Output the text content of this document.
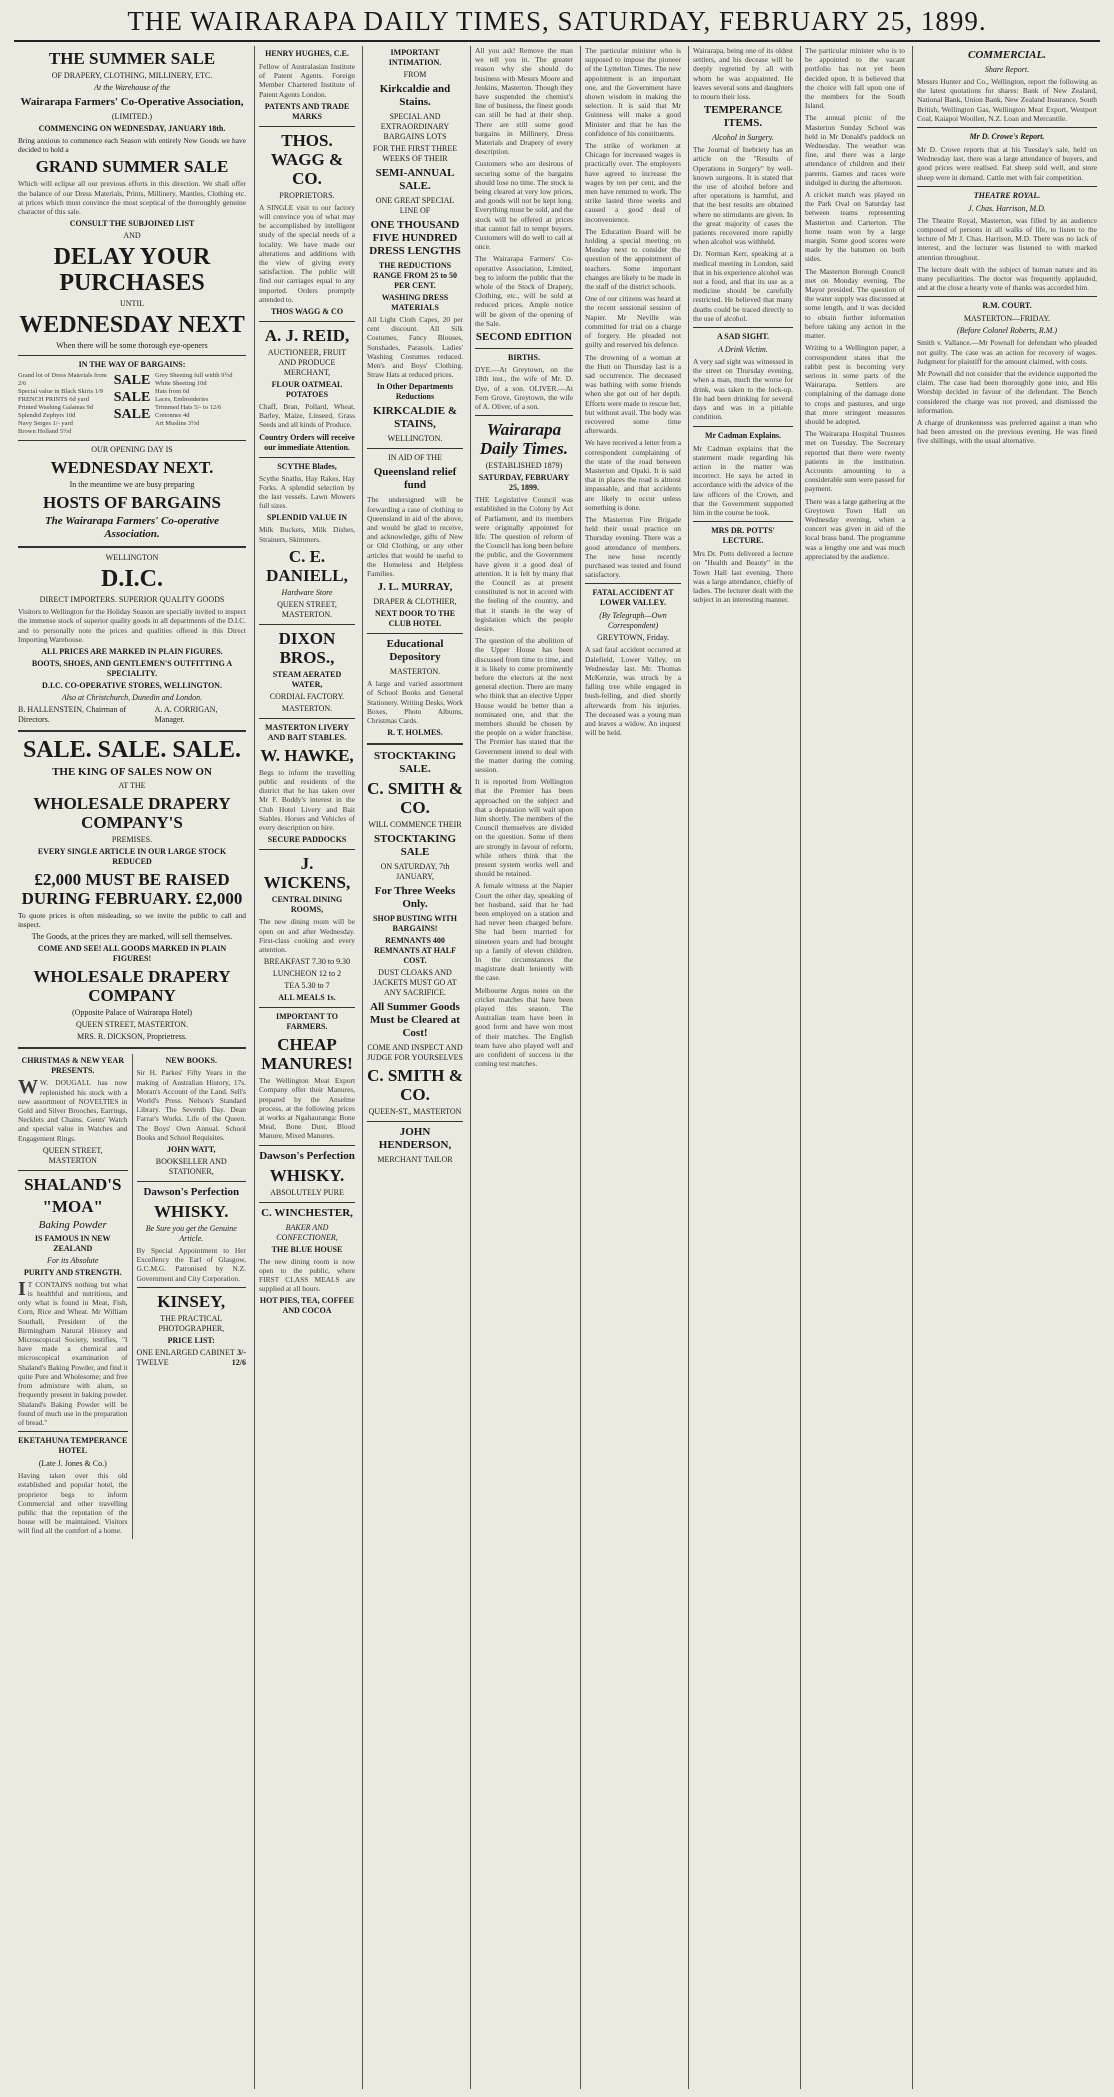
THE WAIRARAPA DAILY TIMES, SATURDAY, FEBRUARY 25, 1899.
THE SUMMER SALE
OF DRAPERY, CLOTHING, MILLINERY, ETC.
At the Warehouse of the
Wairarapa Farmers' Co-Operative Association,
(LIMITED.)
COMMENCING ON WEDNESDAY, JANUARY 18th.

Bring anxious to commence each Season with entirely New Goods we have decided to hold a

GRAND SUMMER SALE

Which will eclipse all our previous efforts in this direction. We shall offer the balance of our Dress Materials, Prints, Millinery, Mantles, Clothing etc. at prices which must convince the most sceptical of the thoroughly genuine character of this sale.

CONSULT THE SUBJOINED LIST
AND
DELAY YOUR PURCHASES
UNTIL
WEDNESDAY NEXT
When there will be some thorough eye-openers
IN THE WAY OF BARGAINS:
Grand lot of Dress Materials from 2/6
Special value in Black Skirts 1/9
FRENCH PRINTS 6d yard
Printed Washing Galateas 9d
Splendid Zephyrs 10d
Navy Serges 1/- yard
Brown Holland 5½d
SALE
SALE
SALE
Grey Sheeting full width 9½d
White Sheeting 10d
Hats from 6d
Laces, Embroideries
Trimmed Hats 5/- to 12/6
Cretonnes 4d
Art Muslins 3½d
OUR OPENING DAY IS
WEDNESDAY NEXT.
In the meantime we are busy preparing
HOSTS OF BARGAINS
The Wairarapa Farmers' Co-operative Association.
WELLINGTON
D.I.C.
DIRECT IMPORTERS. SUPERIOR QUALITY GOODS

Visitors to Wellington for the Holiday Season are specially invited to inspect the immense stock of superior quality goods in all departments of the D.I.C. and to personally note the prices and qualities offered in this Direct Importing Warehouse.

ALL PRICES ARE MARKED IN PLAIN FIGURES.
BOOTS, SHOES, AND GENTLEMEN'S OUTFITTING A SPECIALITY.
D.I.C. CO-OPERATIVE STORES, WELLINGTON.
Also at Christchurch, Dunedin and London.
B. HALLENSTEIN, Chairman of Directors.
A. A. CORRIGAN, Manager.
SALE. SALE. SALE.
THE KING OF SALES NOW ON
AT THE
WHOLESALE DRAPERY COMPANY'S
PREMISES.
EVERY SINGLE ARTICLE IN OUR LARGE STOCK REDUCED
£2,000 MUST BE RAISED DURING FEBRUARY. £2,000

To quote prices is often misleading, so we invite the public to call and inspect.

The Goods, at the prices they are marked, will sell themselves.
COME AND SEE! ALL GOODS MARKED IN PLAIN FIGURES!
WHOLESALE DRAPERY COMPANY
(Opposite Palace of Wairarapa Hotel)
QUEEN STREET, MASTERTON.
MRS. R. DICKSON, Proprietress.
CHRISTMAS & NEW YEAR PRESENTS.

W W. DOUGALL has now replenished his stock with a new assortment of NOVELTIES in Gold and Silver Brooches, Earrings, Necklets and Chains. Gents' Watch and special value in Watches and Engagement Rings.

QUEEN STREET, MASTERTON
SHALAND'S
"MOA"
Baking Powder
IS FAMOUS IN NEW ZEALAND
For its Absolute
PURITY AND STRENGTH.

I T CONTAINS nothing but what is healthful and nutritious, and only what is found in Meat, Fish, Corn, Rice and Wheat. Mr William Southall, President of the Birmingham Natural History and Microscopical Society, testifies, "I have made a chemical and microscopical examination of Shaland's Baking Powder, and find it quite Pure and Wholesome; and free from admixture with alum, so frequently present in baking powder. Shaland's Baking Powder will be found of much use in the preparation of bread."

EKETAHUNA TEMPERANCE HOTEL
(Late J. Jones & Co.)

Having taken over this old established and popular hotel, the proprietor begs to inform Commercial and other travelling public that the reputation of the house will be maintained. Visitors will find all the comfort of a home.

NEW BOOKS.

Sir H. Parkes' Fifty Years in the making of Australian History, 17s. Moran's Account of the Land. Sell's World's Press. Nelson's Standard Library. The Seventh Day. Dean Farrar's Works. Life of the Queen. The Boys' Own Annual. School Books and School Requisites.

JOHN WATT,
BOOKSELLER AND STATIONER,
Dawson's Perfection
WHISKY.
Be Sure you get the Genuine Article.

By Special Appointment to Her Excellency the Earl of Glasgow, G.C.M.G. Patronised by N.Z. Government and City Corporation.

KINSEY,
THE PRACTICAL PHOTOGRAPHER,
PRICE LIST:
ONE ENLARGED CABINET 3/-
TWELVE	12/6
HENRY HUGHES, C.E.

Fellow of Australasian Institute of Patent Agents. Foreign Member Chartered Institute of Patent Agents London.

PATENTS AND TRADE MARKS
THOS. WAGG & CO.
PROPRIETORS.

A SINGLE visit to our factory will convince you of what may be accomplished by intelligent study of the special needs of a locality. We have made our alterations and additions with the view of giving every satisfaction. The public will find our carriages equal to any imported. Orders promptly attended to.

THOS WAGG & CO
A. J. REID,
AUCTIONEER, FRUIT AND PRODUCE MERCHANT,
FLOUR OATMEAL POTATOES

Chaff, Bran, Pollard, Wheat, Barley, Maize, Linseed, Grass Seeds and all kinds of Produce.

Country Orders will receive our immediate Attention.
SCYTHE Blades,

Scythe Snaths, Hay Rakes, Hay Forks. A splendid selection by the last vessels. Lawn Mowers full sizes.

SPLENDID VALUE IN

Milk Buckets, Milk Dishes, Strainers, Skimmers.

C. E. DANIELL,
Hardware Store
QUEEN STREET, MASTERTON.
DIXON BROS.,
STEAM AERATED WATER,
CORDIAL FACTORY.
MASTERTON.
MASTERTON LIVERY AND BAIT STABLES.
W. HAWKE,

Begs to inform the travelling public and residents of the district that he has taken over Mr F. Boddy's interest in the Club Hotel Livery and Bait Stables. Horses and Vehicles of every description on hire.

SECURE PADDOCKS
J. WICKENS,
CENTRAL DINING ROOMS,

The new dining room will be open on and after Wednesday. First-class cooking and every attention.

BREAKFAST 7.30 to 9.30
LUNCHEON 12 to 2
TEA 5.30 to 7
ALL MEALS 1s.
IMPORTANT TO FARMERS.
CHEAP MANURES!

The Wellington Meat Export Company offer their Manures, prepared by the Anselme process, at the following prices at works at Ngahauranga: Bone Meal, Bone Dust, Blood Manure, Mixed Manures.

Dawson's Perfection
WHISKY.
ABSOLUTELY PURE
C. WINCHESTER,
BAKER AND CONFECTIONER,
THE BLUE HOUSE

The new dining room is now open to the public, where FIRST CLASS MEALS are supplied at all hours.

HOT PIES, TEA, COFFEE AND COCOA
IMPORTANT INTIMATION.
FROM
Kirkcaldie and Stains.
SPECIAL AND EXTRAORDINARY BARGAINS LOTS
FOR THE FIRST THREE WEEKS OF THEIR
SEMI-ANNUAL SALE.
ONE GREAT SPECIAL LINE OF
ONE THOUSAND FIVE HUNDRED DRESS LENGTHS
THE REDUCTIONS RANGE FROM 25 to 50 PER CENT.
WASHING DRESS MATERIALS

All Light Cloth Capes, 20 per cent discount. All Silk Costumes, Fancy Blouses, Sunshades, Parasols. Ladies' Washing Costumes reduced. Men's and Boys' Clothing. Straw Hats at reduced prices.

In Other Departments Reductions
KIRKCALDIE & STAINS,
WELLINGTON.
IN AID OF THE
Queensland relief fund

The undersigned will be forwarding a case of clothing to Queensland in aid of the above, and would be glad to receive, and acknowledge, gifts of New or Old Clothing, or any other articles that would be useful to the Homeless and Helpless Families.

J. L. MURRAY,
DRAPER & CLOTHIER,
NEXT DOOR TO THE CLUB HOTEL
Educational Depository
MASTERTON.

A large and varied assortment of School Books and General Stationery. Writing Desks, Work Boxes, Photo Albums, Christmas Cards.

R. T. HOLMES.
STOCKTAKING SALE.
C. SMITH & CO.
WILL COMMENCE THEIR
STOCKTAKING SALE
ON SATURDAY, 7th JANUARY,
For Three Weeks Only.
SHOP BUSTING WITH BARGAINS!
REMNANTS 400 REMNANTS AT HALF COST.
DUST CLOAKS AND JACKETS MUST GO AT ANY SACRIFICE.
All Summer Goods Must be Cleared at Cost!
COME AND INSPECT AND JUDGE FOR YOURSELVES
C. SMITH & CO.
QUEEN-ST., MASTERTON
JOHN HENDERSON,
MERCHANT TAILOR

All you ask! Remove the man we tell you in. The greater reason why she should do business with Messrs Moore and Jenkins, Masterton. Though they have suspended the chemist's line of business, the finest goods can still be had at their shop. There are still some good bargains in Millinery, Dress Materials and Drapery of every description.

Customers who are desirous of securing some of the bargains should lose no time. The stock is being cleared at very low prices, and goods will not be kept long. Everything must be sold, and the stock will be offered at prices that cannot fail to tempt buyers. Customers will do well to call at once.

The Wairarapa Farmers' Co-operative Association, Limited, beg to inform the public that the whole of the Stock of Drapery, Clothing, etc., will be sold at reduced prices. Ample notice will be given of the opening of the Sale.

SECOND EDITION
BIRTHS.

DYE.—At Greytown, on the 18th inst., the wife of Mr. D. Dye, of a son. OLIVER.—At Fern Grove, Greytown, the wife of A. Oliver, of a son.

Wairarapa Daily Times.
(ESTABLISHED 1879)
SATURDAY, FEBRUARY 25, 1899.

THE Legislative Council was established in the Colony by Act of Parliament, and its members were originally appointed for life. The question of reform of the Council has long been before the public, and the Government have given it a good deal of attention. It is felt by many that the Council as at present constituted is not in accord with the feeling of the country, and that it stands in the way of legislation which the people desire.

The question of the abolition of the Upper House has been discussed from time to time, and it is likely to come prominently before the electors at the next general election. There are many who think that an elective Upper House would be better than a nominated one, and that the members should be chosen by the people on a wider franchise. The Premier has stated that the Government intend to deal with the matter during the coming session.

It is reported from Wellington that the Premier has been approached on the subject and that a deputation will wait upon him shortly. The members of the Council themselves are divided on the question. Some of them are strongly in favour of reform, while others think that the present system works well and should be retained.

A female witness at the Napier Court the other day, speaking of her husband, said that he had been employed on a station and had never been charged before. She had been married for nineteen years and had brought up a family of eleven children. In the circumstances the magistrate dealt leniently with the case.

Melbourne Argus notes on the cricket matches that have been played this season. The Australian team have been in good form and have won most of their matches. The English team have also played well and are confident of success in the coming test matches.

The particular minister who is supposed to impose the pioneer of the Lyttelton Times. The new appointment is an important one, and the Government have shown wisdom in making the selection. It is said that Mr Guinness will make a good Minister and that he has the confidence of his constituents.

The strike of workmen at Chicago for increased wages is practically over. The employers have agreed to increase the wages by ten per cent, and the men have returned to work. The strike lasted three weeks and caused a good deal of inconvenience.

The Education Board will be holding a special meeting on Monday next to consider the question of the appointment of teachers. Some important changes are likely to be made in the staff of the district schools.

One of our citizens was heard at the recent sessional session of Napier. Mr Neville was committed for trial on a charge of forgery. He pleaded not guilty and reserved his defence.

The drowning of a woman at the Hutt on Thursday last is a sad occurrence. The deceased was bathing with some friends when she got out of her depth. Efforts were made to rescue her, but without avail. The body was recovered some time afterwards.

We have received a letter from a correspondent complaining of the state of the road between Masterton and Opaki. It is said that in places the road is almost impassable, and that accidents are likely to occur unless something is done.

The Masterton Fire Brigade held their usual practice on Thursday evening. There was a good attendance of members. The new hose recently purchased was tested and found satisfactory.

FATAL ACCIDENT AT LOWER VALLEY.
(By Telegraph—Own Correspondent)
GREYTOWN, Friday.

A sad fatal accident occurred at Dalefield, Lower Valley, on Wednesday last. Mr. Thomas McKenzie, was struck by a falling tree while engaged in bush-felling, and died shortly afterwards from his injuries. The deceased was a young man and leaves a widow. An inquest will be held.

Wairarapa, being one of its oldest settlers, and his decease will be deeply regretted by all with whom he was acquainted. He leaves several sons and daughters to mourn their loss.

TEMPERANCE ITEMS.
Alcohol in Surgery.

The Journal of Inebriety has an article on the "Results of Operations in Surgery" by well-known surgeons. It is stated that the use of alcohol before and after operations is harmful, and that the best results are obtained where no stimulants are given. In the great majority of cases the patients recovered more rapidly when alcohol was withheld.

Dr. Norman Kerr, speaking at a medical meeting in London, said that in his experience alcohol was not a food, and that its use as a medicine should be carefully restricted. He believed that many deaths could be traced directly to the use of alcohol.

A SAD SIGHT.
A Drink Victim.

A very sad sight was witnessed in the street on Thursday evening, when a man, much the worse for drink, was taken to the lock-up. He had been drinking for several days and was in a pitiable condition.

Mr Cadman Explains.

Mr Cadman explains that the statement made regarding his action in the matter was incorrect. He says he acted in accordance with the advice of the law officers of the Crown, and that the Government supported him in the course he took.

MRS DR. POTTS' LECTURE.

Mrs Dr. Potts delivered a lecture on "Health and Beauty" in the Town Hall last evening. There was a large attendance, chiefly of ladies. The lecturer dealt with the subject in an interesting manner.

The particular minister who is to be appointed to the vacant portfolio has not yet been decided upon. It is believed that the choice will fall upon one of the members for the South Island.

The annual picnic of the Masterton Sunday School was held in Mr Donald's paddock on Wednesday. The weather was fine, and there was a large attendance of children and their parents. Games and races were indulged in during the afternoon.

A cricket match was played on the Park Oval on Saturday last between teams representing Masterton and Carterton. The home team won by a large margin. Some good scores were made by the batsmen on both sides.

The Masterton Borough Council met on Monday evening. The Mayor presided. The question of the water supply was discussed at some length, and it was decided to obtain further information before taking any action in the matter.

Writing to a Wellington paper, a correspondent states that the rabbit pest is becoming very serious in some parts of the Wairarapa. Settlers are complaining of the damage done to crops and pastures, and urge that more stringent measures should be adopted.

The Wairarapa Hospital Trustees met on Tuesday. The Secretary reported that there were twenty patients in the institution. Accounts amounting to a considerable sum were passed for payment.

There was a large gathering at the Greytown Town Hall on Wednesday evening, when a concert was given in aid of the local brass band. The programme was a lengthy one and was much appreciated by the audience.

COMMERCIAL.
Share Report.

Messrs Hunter and Co., Wellington, report the following as the latest quotations for shares: Bank of New Zealand, National Bank, Union Bank, New Zealand Insurance, South British, Wellington Gas, Wellington Meat Export, Westport Coal, Kaiapoi Woollen, N.Z. Loan and Mercantile.

Mr D. Crowe's Report.

Mr D. Crowe reports that at his Tuesday's sale, held on Wednesday last, there was a large attendance of buyers, and good prices were realised. Fat sheep sold well, and store sheep were in demand. Cattle met with fair competition.

THEATRE ROYAL.
J. Chas. Harrison, M.D.

The Theatre Royal, Masterton, was filled by an audience composed of persons in all walks of life, to listen to the lecture of Mr J. Chas. Harrison, M.D. There was no lack of interest, and the lecturer was listened to with marked attention throughout.

The lecture dealt with the subject of human nature and its many peculiarities. The doctor was frequently applauded, and at the close a hearty vote of thanks was accorded him.

R.M. COURT.
MASTERTON—FRIDAY.
(Before Colonel Roberts, R.M.)

Smith v. Vallance.—Mr Pownall for defendant who pleaded not guilty. The case was an action for recovery of wages. Judgment for plaintiff for the amount claimed, with costs.

Mr Pownall did not consider that the evidence supported the claim. The case had been thoroughly gone into, and His Worship decided in favour of the defendant. The Bench considered the charge was not proved, and dismissed the information.

A charge of drunkenness was preferred against a man who had been arrested on the previous evening. He was fined five shillings, with the usual alternative.
